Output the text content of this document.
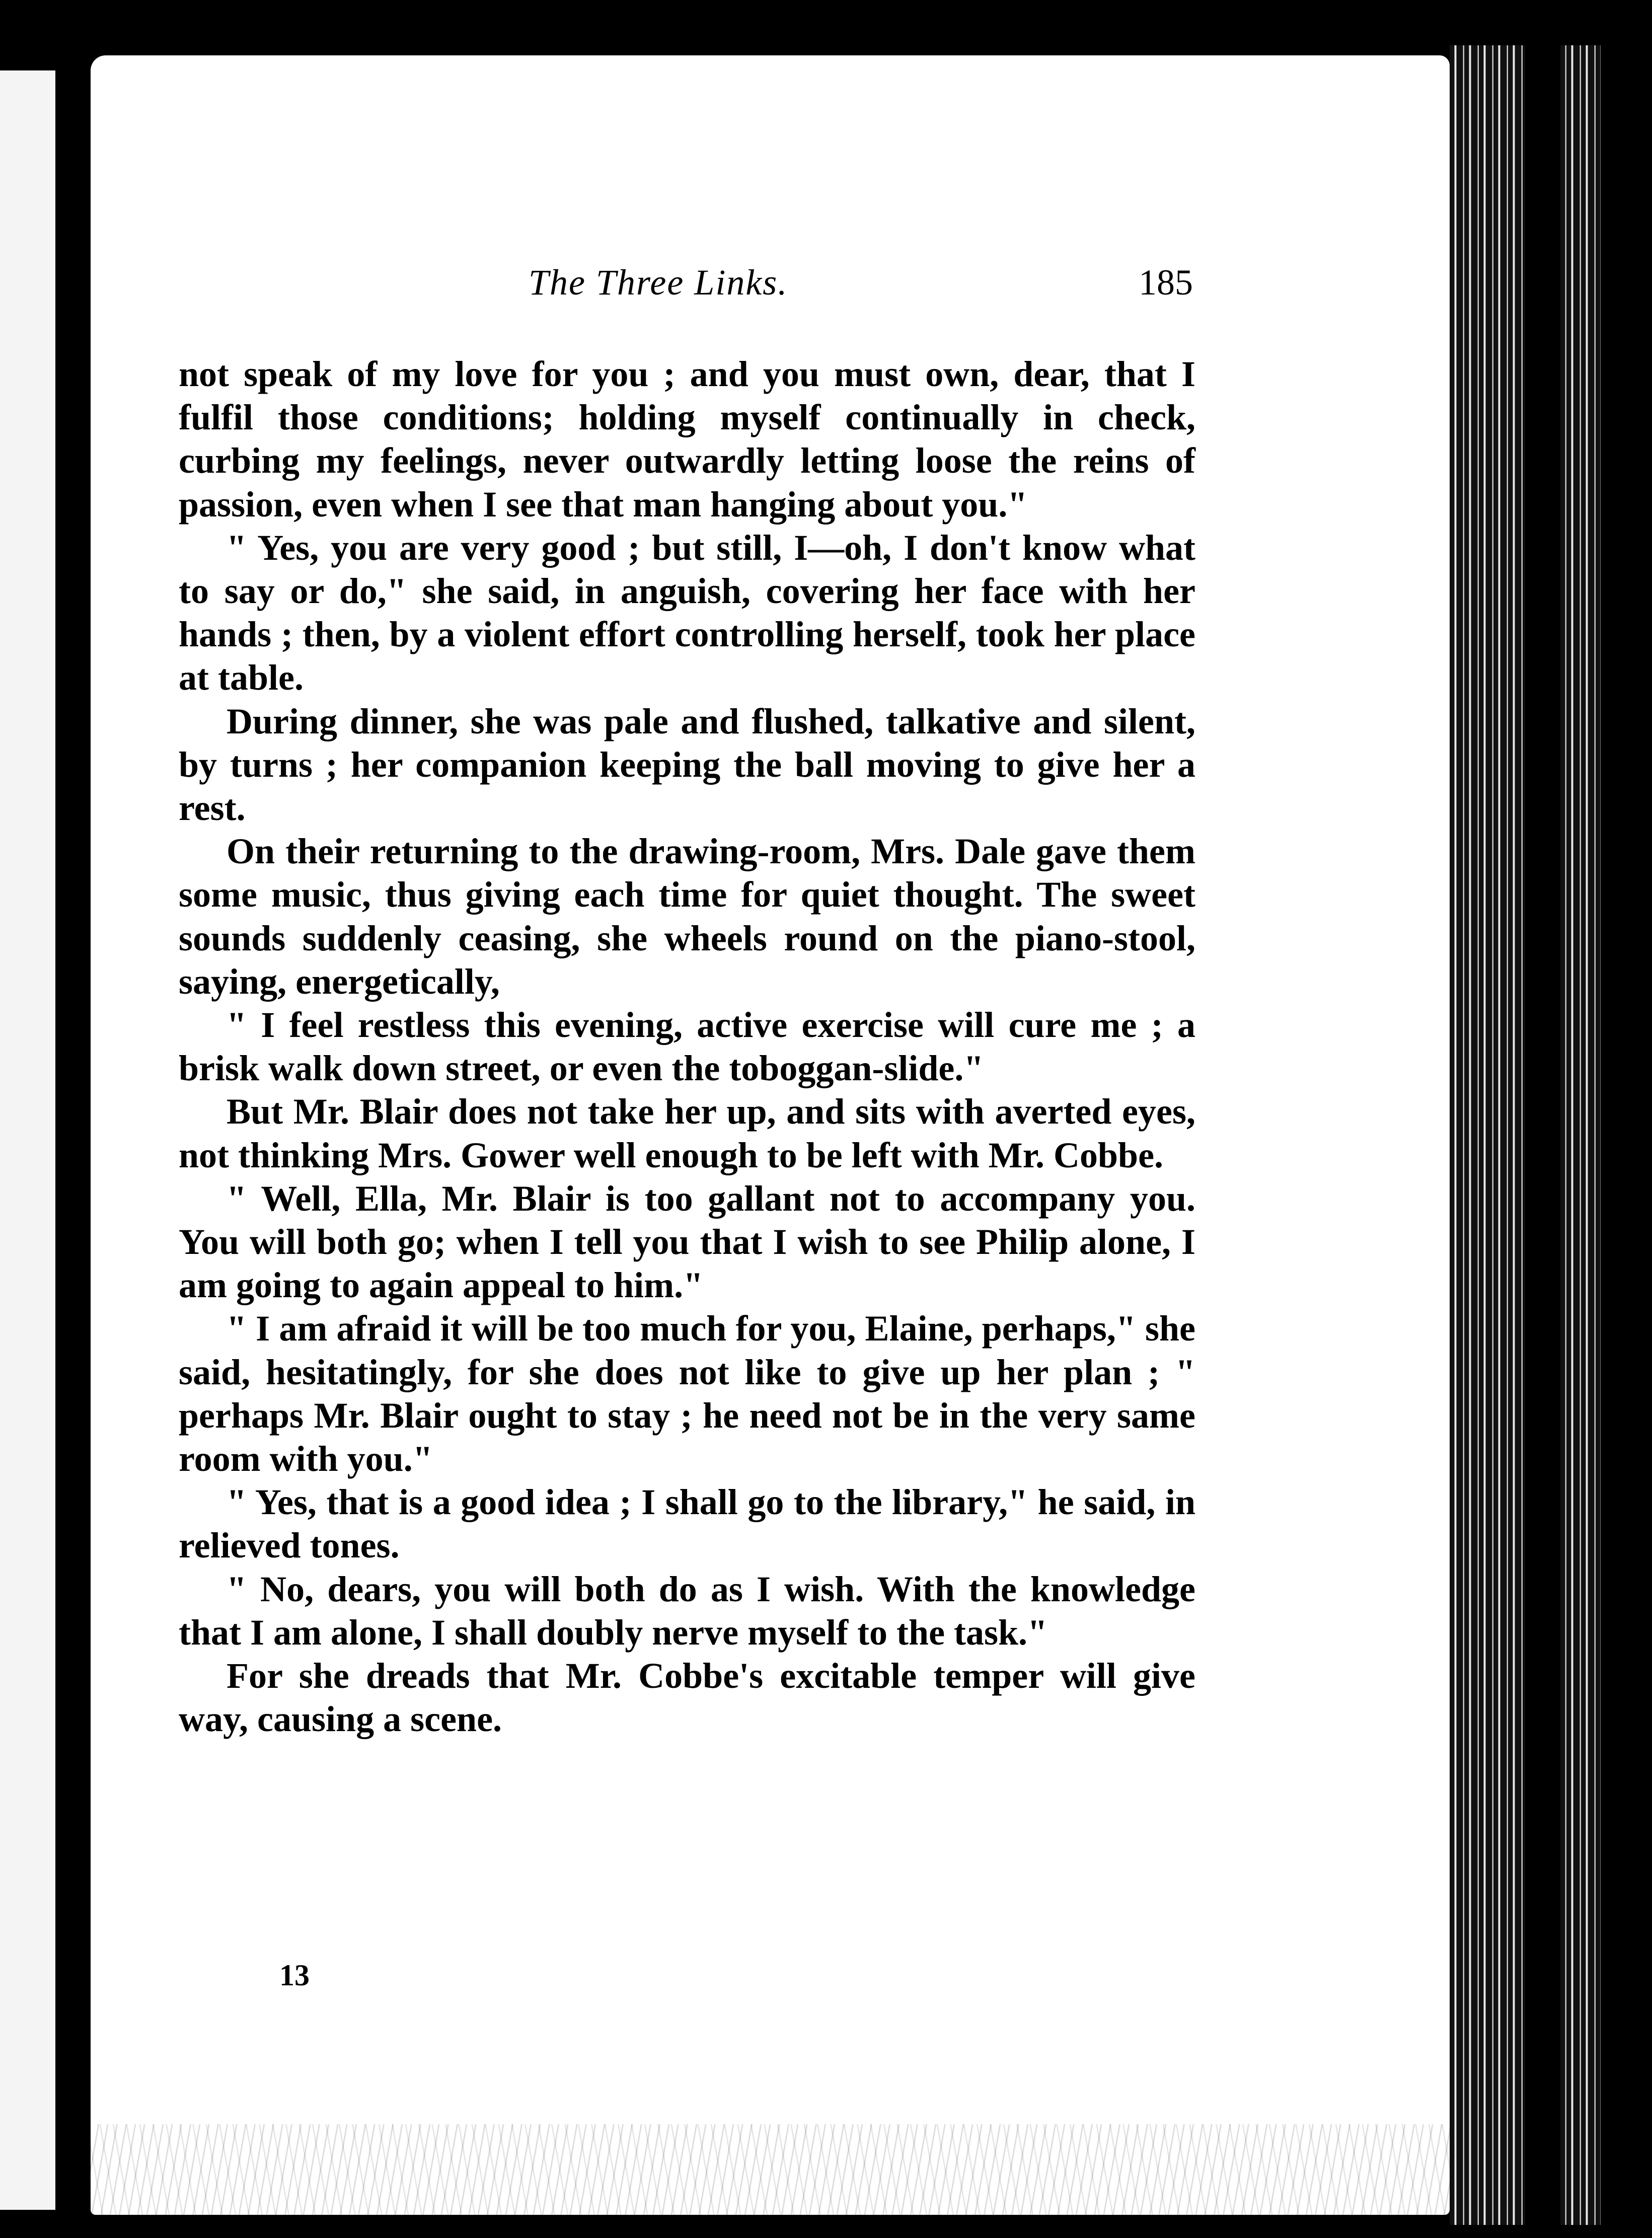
The Three Links.	185

not speak of my love for you ; and you must own, dear, that I fulfil those conditions; holding myself continually in check, curbing my feelings, never outwardly letting loose the reins of passion, even when I see that man hanging about you."

" Yes, you are very good ; but still, I—oh, I don't know what to say or do," she said, in anguish, covering her face with her hands ; then, by a violent effort controlling herself, took her place at table.

During dinner, she was pale and flushed, talkative and silent, by turns ; her companion keeping the ball moving to give her a rest.

On their returning to the drawing-room, Mrs. Dale gave them some music, thus giving each time for quiet thought. The sweet sounds suddenly ceasing, she wheels round on the piano-stool, saying, energetically,

" I feel restless this evening, active exercise will cure me ; a brisk walk down street, or even the toboggan-slide."

But Mr. Blair does not take her up, and sits with averted eyes, not thinking Mrs. Gower well enough to be left with Mr. Cobbe.

" Well, Ella, Mr. Blair is too gallant not to accompany you. You will both go; when I tell you that I wish to see Philip alone, I am going to again appeal to him."

" I am afraid it will be too much for you, Elaine, perhaps," she said, hesitatingly, for she does not like to give up her plan ; " perhaps Mr. Blair ought to stay ; he need not be in the very same room with you."

" Yes, that is a good idea ; I shall go to the library," he said, in relieved tones.

" No, dears, you will both do as I wish. With the knowledge that I am alone, I shall doubly nerve myself to the task."

For she dreads that Mr. Cobbe's excitable temper will give way, causing a scene.

13
